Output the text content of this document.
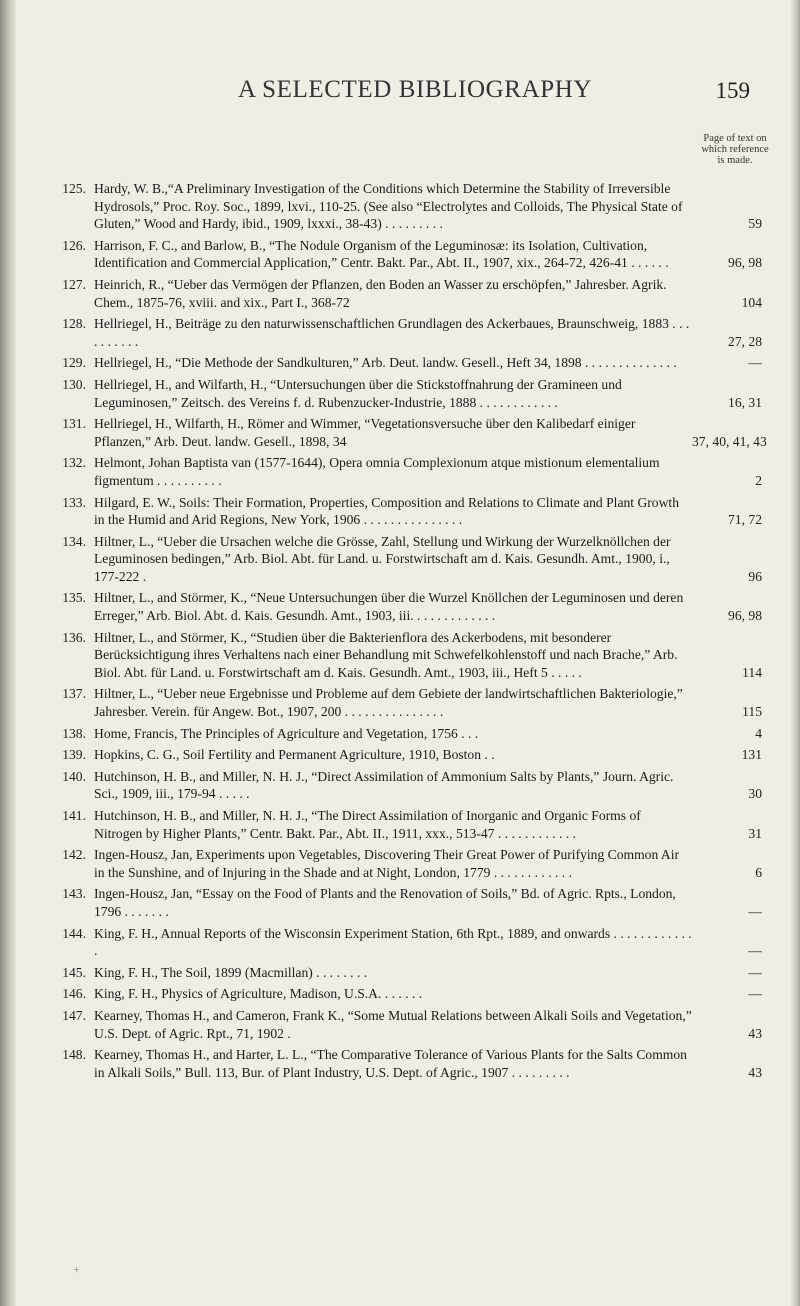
A SELECTED BIBLIOGRAPHY	159
Page of text on which reference is made.
125. Hardy, W. B.,“A Preliminary Investigation of the Conditions which Determine the Stability of Irreversible Hydrosols,” Proc. Roy. Soc., 1899, lxvi., 110-25. (See also “Electrolytes and Colloids, The Physical State of Gluten,” Wood and Hardy, ibid., 1909, lxxxi., 38-43) . . . . . . . . .	59
126. Harrison, F. C., and Barlow, B., “The Nodule Organism of the Leguminosæ: its Isolation, Cultivation, Identification and Commercial Application,” Centr. Bakt. Par., Abt. II., 1907, xix., 264-72, 426-41 . . . . . .	96, 98
127. Heinrich, R., “Ueber das Vermögen der Pflanzen, den Boden an Wasser zu erschöpfen,” Jahresber. Agrik. Chem., 1875-76, xviii. and xix., Part I., 368-72	104
128. Hellriegel, H., Beiträge zu den naturwissenschaftlichen Grundlagen des Ackerbaues, Braunschweig, 1883 . . . . . . . . . .	27, 28
129. Hellriegel, H., “Die Methode der Sandkulturen,” Arb. Deut. landw. Gesell., Heft 34, 1898 . . . . . . . . . . . . . .	—
130. Hellriegel, H., and Wilfarth, H., “Untersuchungen über die Stickstoffnahrung der Gramineen und Leguminosen,” Zeitsch. des Vereins f. d. Rubenzucker-Industrie, 1888 . . . . . . . . . . . .	16, 31
131. Hellriegel, H., Wilfarth, H., Römer and Wimmer, “Vegetationsversuche über den Kalibedarf einiger Pflanzen,” Arb. Deut. landw. Gesell., 1898, 34	37, 40, 41, 43
132. Helmont, Johan Baptista van (1577-1644), Opera omnia Complexionum atque mistionum elementalium figmentum . . . . . . . . . .	2
133. Hilgard, E. W., Soils: Their Formation, Properties, Composition and Relations to Climate and Plant Growth in the Humid and Arid Regions, New York, 1906 . . . . . . . . . . . . . . .	71, 72
134. Hiltner, L., “Ueber die Ursachen welche die Grösse, Zahl, Stellung und Wirkung der Wurzelknöllchen der Leguminosen bedingen,” Arb. Biol. Abt. für Land. u. Forstwirtschaft am d. Kais. Gesundh. Amt., 1900, i., 177-222 .	96
135. Hiltner, L., and Störmer, K., “Neue Untersuchungen über die Wurzel Knöllchen der Leguminosen und deren Erreger,” Arb. Biol. Abt. d. Kais. Gesundh. Amt., 1903, iii. . . . . . . . . . . . .	96, 98
136. Hiltner, L., and Störmer, K., “Studien über die Bakterienflora des Ackerbodens, mit besonderer Berücksichtigung ihres Verhaltens nach einer Behandlung mit Schwefelkohlenstoff und nach Brache,” Arb. Biol. Abt. für Land. u. Forstwirtschaft am d. Kais. Gesundh. Amt., 1903, iii., Heft 5 . . . . .	114
137. Hiltner, L., “Ueber neue Ergebnisse und Probleme auf dem Gebiete der landwirtschaftlichen Bakteriologie,” Jahresber. Verein. für Angew. Bot., 1907, 200 . . . . . . . . . . . . . . .	115
138. Home, Francis, The Principles of Agriculture and Vegetation, 1756 . . .	4
139. Hopkins, C. G., Soil Fertility and Permanent Agriculture, 1910, Boston . .	131
140. Hutchinson, H. B., and Miller, N. H. J., “Direct Assimilation of Ammonium Salts by Plants,” Journ. Agric. Sci., 1909, iii., 179-94 . . . . .	30
141. Hutchinson, H. B., and Miller, N. H. J., “The Direct Assimilation of Inorganic and Organic Forms of Nitrogen by Higher Plants,” Centr. Bakt. Par., Abt. II., 1911, xxx., 513-47 . . . . . . . . . . . .	31
142. Ingen-Housz, Jan, Experiments upon Vegetables, Discovering Their Great Power of Purifying Common Air in the Sunshine, and of Injuring in the Shade and at Night, London, 1779 . . . . . . . . . . . .	6
143. Ingen-Housz, Jan, “Essay on the Food of Plants and the Renovation of Soils,” Bd. of Agric. Rpts., London, 1796 . . . . . . .	—
144. King, F. H., Annual Reports of the Wisconsin Experiment Station, 6th Rpt., 1889, and onwards . . . . . . . . . . . . .	—
145. King, F. H., The Soil, 1899 (Macmillan) . . . . . . . .	—
146. King, F. H., Physics of Agriculture, Madison, U.S.A. . . . . . .	—
147. Kearney, Thomas H., and Cameron, Frank K., “Some Mutual Relations between Alkali Soils and Vegetation,” U.S. Dept. of Agric. Rpt., 71, 1902 .	43
148. Kearney, Thomas H., and Harter, L. L., “The Comparative Tolerance of Various Plants for the Salts Common in Alkali Soils,” Bull. 113, Bur. of Plant Industry, U.S. Dept. of Agric., 1907 . . . . . . . . .	43
+
